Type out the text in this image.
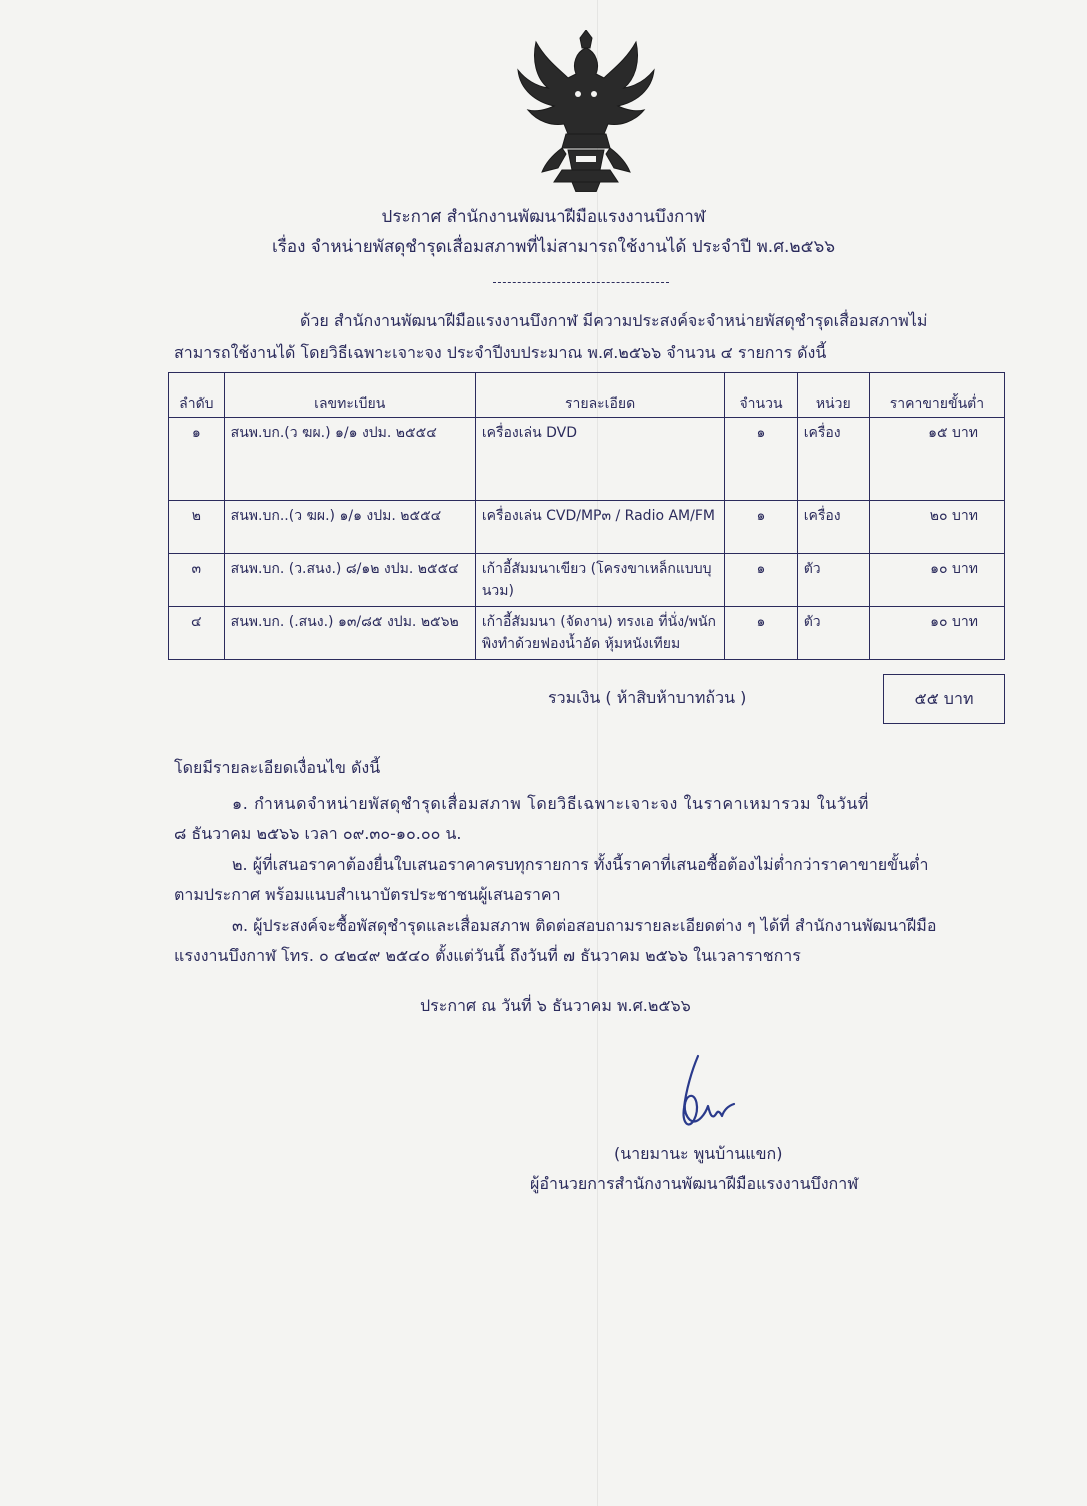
ประกาศ สำนักงานพัฒนาฝีมือแรงงานบึงกาฬ
เรื่อง จำหน่ายพัสดุชำรุดเสื่อมสภาพที่ไม่สามารถใช้งานได้ ประจำปี พ.ศ.๒๕๖๖
ด้วย สำนักงานพัฒนาฝีมือแรงงานบึงกาฬ มีความประสงค์จะจำหน่ายพัสดุชำรุดเสื่อมสภาพไม่
สามารถใช้งานได้ โดยวิธีเฉพาะเจาะจง ประจำปีงบประมาณ พ.ศ.๒๕๖๖ จำนวน ๔ รายการ ดังนี้
ลำดับ	เลขทะเบียน	รายละเอียด	จำนวน	หน่วย	ราคาขายขั้นต่ำ
๑	สนพ.บก.(ว ฆผ.) ๑/๑ งปม. ๒๕๕๔	เครื่องเล่น DVD	๑	เครื่อง	๑๕ บาท
๒	สนพ.บก..(ว ฆผ.) ๑/๑ งปม. ๒๕๕๔	เครื่องเล่น CVD/MP๓ / Radio AM/FM	๑	เครื่อง	๒๐ บาท
๓	สนพ.บก. (ว.สนง.) ๘/๑๒ งปม. ๒๕๕๔	เก้าอี้สัมมนาเขียว (โครงขาเหล็กแบบบุนวม)	๑	ตัว	๑๐ บาท
๔	สนพ.บก. (.สนง.) ๑๓/๘๕ งปม. ๒๕๖๒	เก้าอี้สัมมนา (จัดงาน) ทรงเอ ที่นั่ง/พนักพิงทำด้วยฟองน้ำอัด หุ้มหนังเทียม	๑	ตัว	๑๐ บาท
รวมเงิน ( ห้าสิบห้าบาทถ้วน )	๕๕ บาท
โดยมีรายละเอียดเงื่อนไข ดังนี้
๑. กำหนดจำหน่ายพัสดุชำรุดเสื่อมสภาพ โดยวิธีเฉพาะเจาะจง ในราคาเหมารวม ในวันที่
๘ ธันวาคม ๒๕๖๖ เวลา ๐๙.๓๐-๑๐.๐๐ น.
๒. ผู้ที่เสนอราคาต้องยื่นใบเสนอราคาครบทุกรายการ ทั้งนี้ราคาที่เสนอซื้อต้องไม่ต่ำกว่าราคาขายขั้นต่ำ
ตามประกาศ พร้อมแนบสำเนาบัตรประชาชนผู้เสนอราคา
๓. ผู้ประสงค์จะซื้อพัสดุชำรุดและเสื่อมสภาพ ติดต่อสอบถามรายละเอียดต่าง ๆ ได้ที่ สำนักงานพัฒนาฝีมือ
แรงงานบึงกาฬ โทร. ๐ ๔๒๔๙ ๒๕๔๐ ตั้งแต่วันนี้ ถึงวันที่ ๗ ธันวาคม ๒๕๖๖ ในเวลาราชการ
ประกาศ ณ วันที่ ๖ ธันวาคม พ.ศ.๒๕๖๖
(นายมานะ พูนบ้านแขก)
ผู้อำนวยการสำนักงานพัฒนาฝีมือแรงงานบึงกาฬ
